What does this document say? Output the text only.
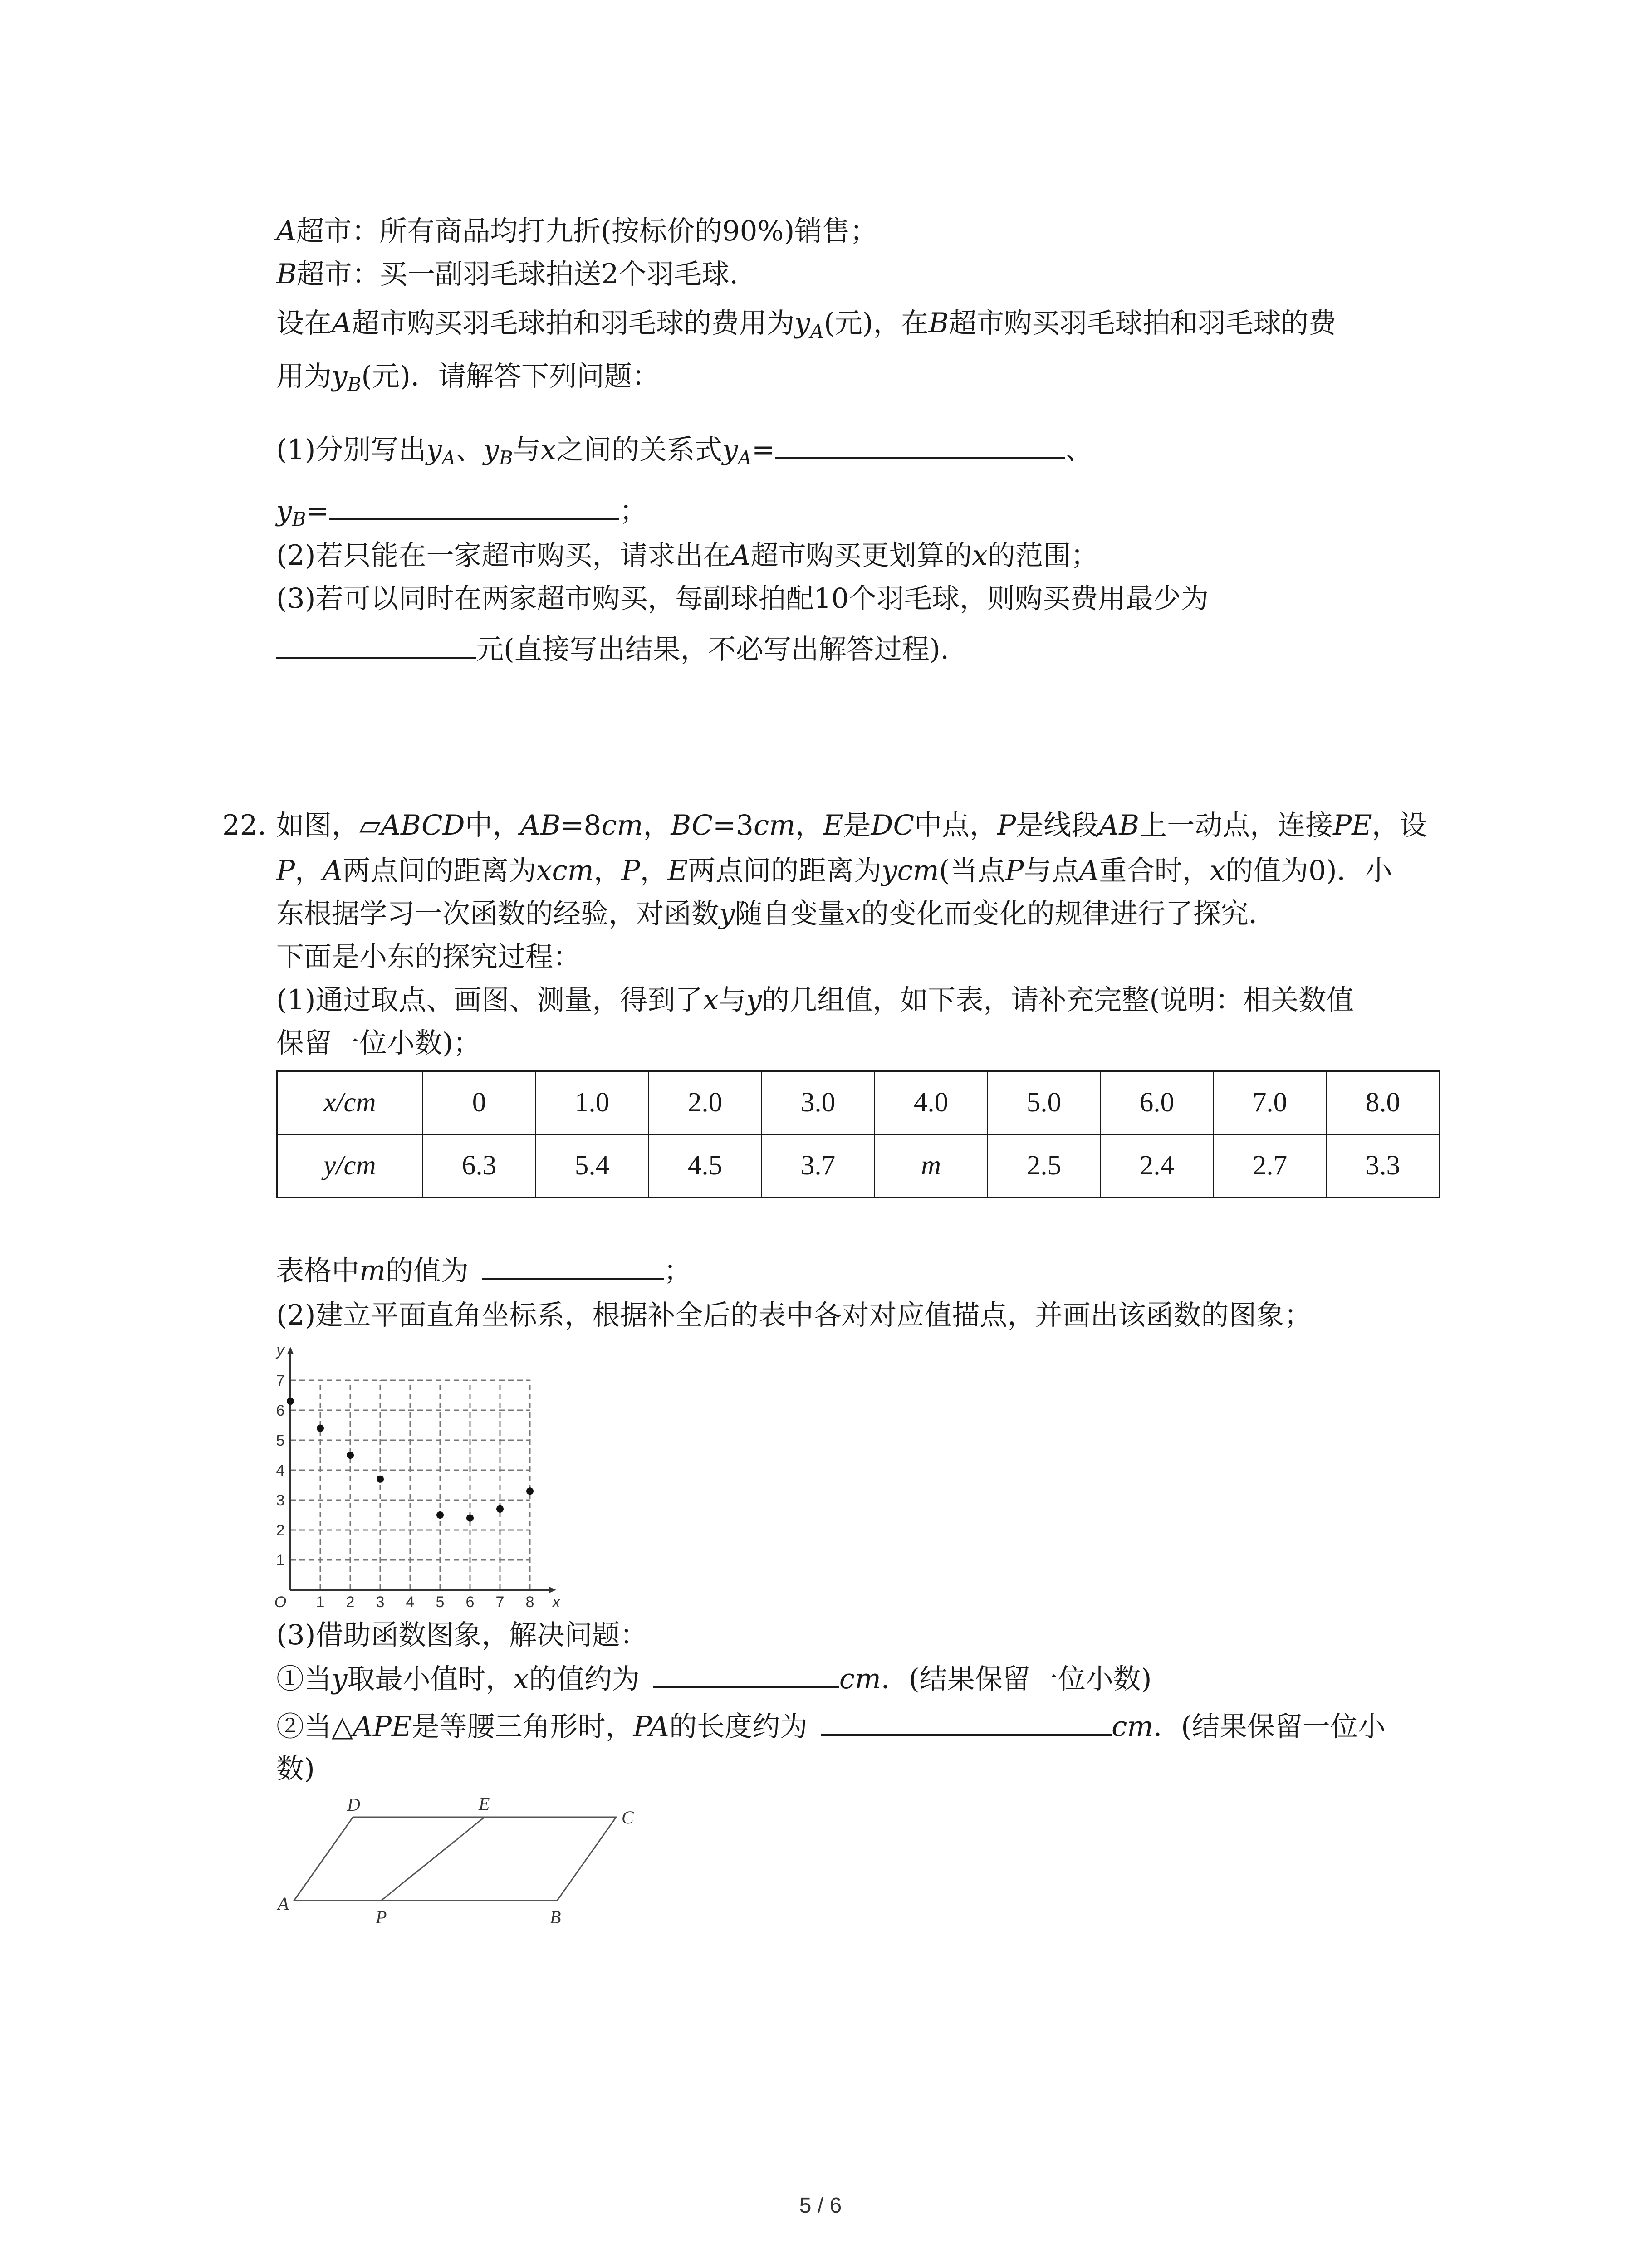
A超市：所有商品均打九折(按标价的90%)销售；
B超市：买一副羽毛球拍送2个羽毛球.
设在A超市购买羽毛球拍和羽毛球的费用为$y_A$(元)，在B超市购买羽毛球拍和羽毛球的费
用为$y_B$(元)．请解答下列问题：
(1)分别写出$y_A$、$y_B$与x之间的关系式$y_A=$	、
$y_B=$	；
(2)若只能在一家超市购买，请求出在A超市购买更划算的x的范围；
(3)若可以同时在两家超市购买，每副球拍配10个羽毛球，则购买费用最少为
元(直接写出结果，不必写出解答过程).
22. 如图，▱ABCD中，AB=8cm，BC=3cm，E是DC中点，P是线段AB上一动点，连接PE，设
P，A两点间的距离为xcm，P，E两点间的距离为ycm(当点P与点A重合时，x的值为0)．小
东根据学习一次函数的经验，对函数y随自变量x的变化而变化的规律进行了探究．
下面是小东的探究过程：
(1)通过取点、画图、测量，得到了x与y的几组值，如下表，请补充完整(说明：相关数值
保留一位小数)；
x/cm	0	1.0	2.0	3.0	4.0	5.0	6.0	7.0	8.0
y/cm	6.3	5.4	4.5	3.7	m	2.5	2.4	2.7	3.3
表格中m的值为	；
(2)建立平面直角坐标系，根据补全后的表中各对对应值描点，并画出该函数的图象；
1 2 3 4 5 6 7 8
1
2
3
4
5
6
7
O	x
y
(3)借助函数图象，解决问题：
①当y取最小值时，x的值约为	cm．(结果保留一位小数)
②当△APE是等腰三角形时，PA的长度约为	cm．(结果保留一位小
数)
D	E
C
A
P	B
5 / 6
